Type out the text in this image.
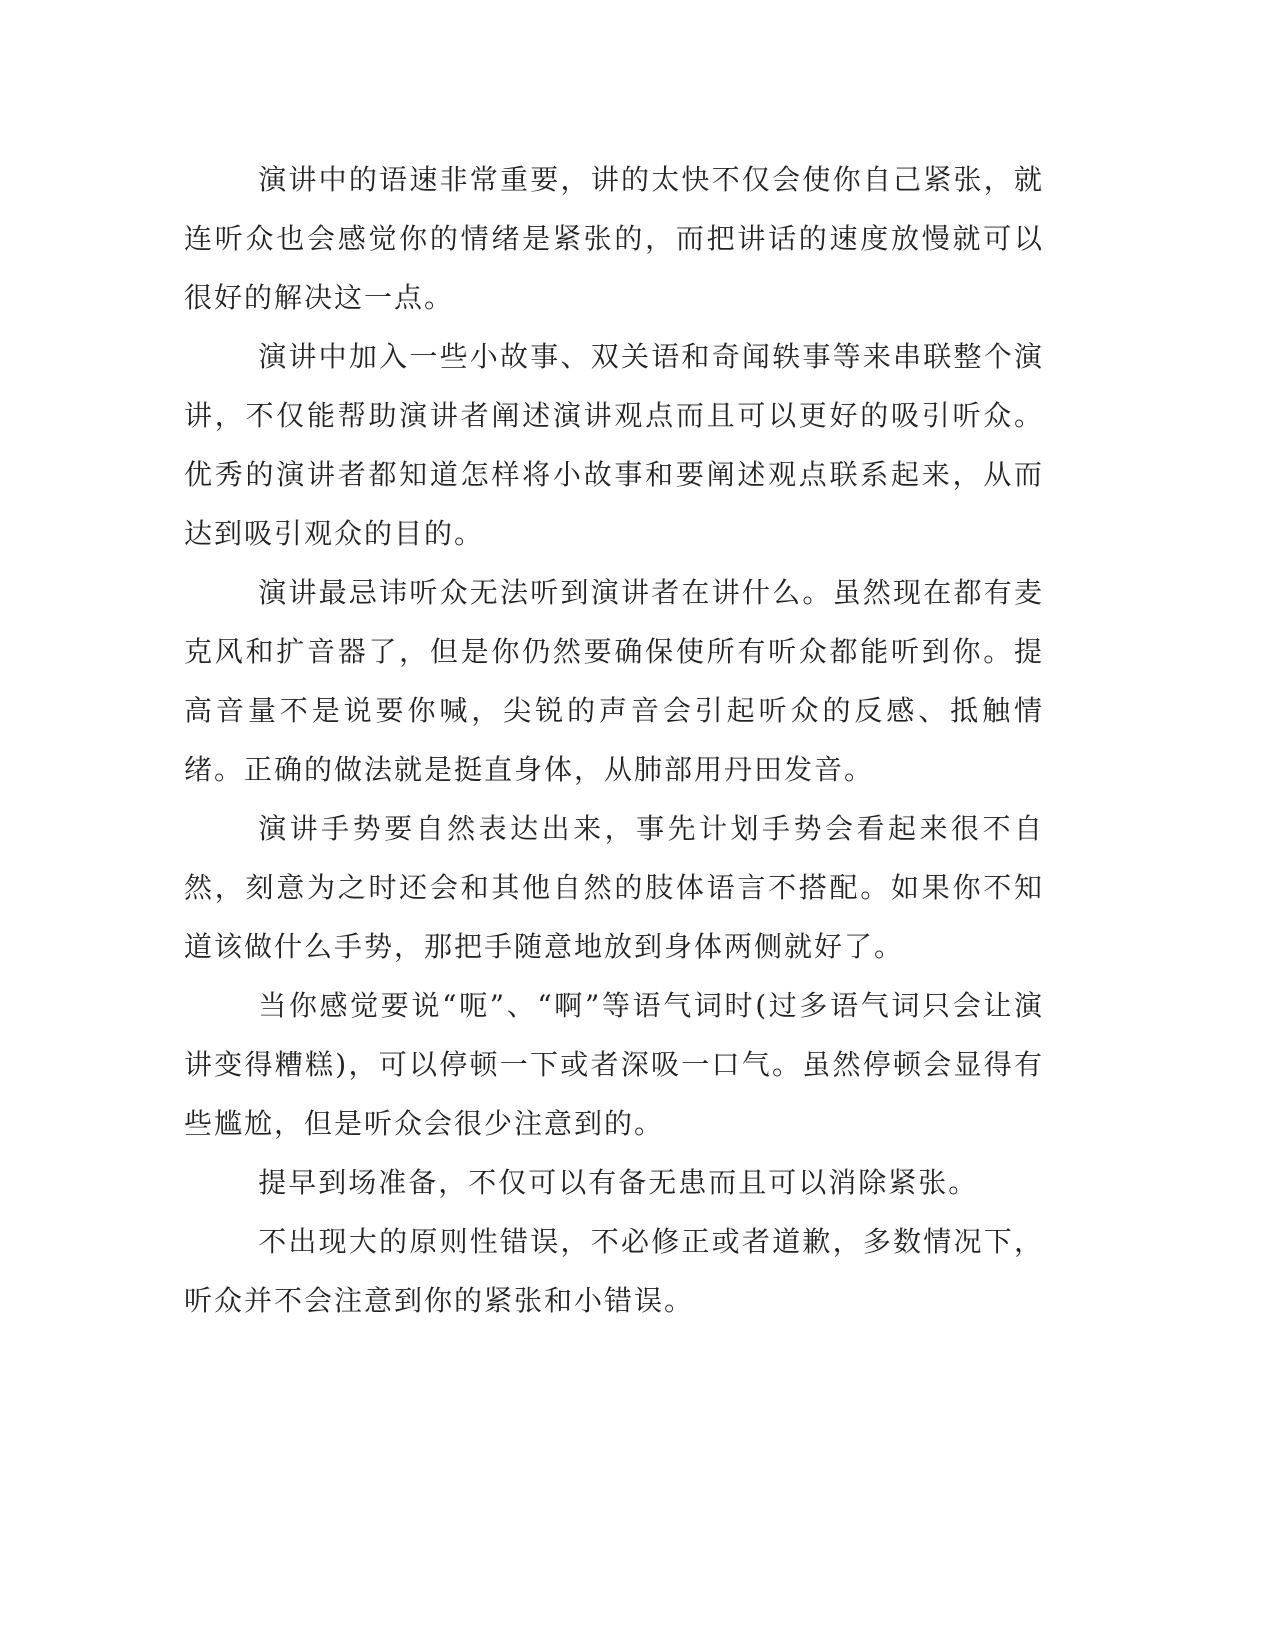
演讲中的语速非常重要，讲的太快不仅会使你自己紧张，就连听众也会感觉你的情绪是紧张的，而把讲话的速度放慢就可以很好的解决这一点。

演讲中加入一些小故事、双关语和奇闻轶事等来串联整个演讲，不仅能帮助演讲者阐述演讲观点而且可以更好的吸引听众。优秀的演讲者都知道怎样将小故事和要阐述观点联系起来，从而达到吸引观众的目的。

演讲最忌讳听众无法听到演讲者在讲什么。虽然现在都有麦克风和扩音器了，但是你仍然要确保使所有听众都能听到你。提高音量不是说要你喊，尖锐的声音会引起听众的反感、抵触情绪。正确的做法就是挺直身体，从肺部用丹田发音。

演讲手势要自然表达出来，事先计划手势会看起来很不自然，刻意为之时还会和其他自然的肢体语言不搭配。如果你不知道该做什么手势，那把手随意地放到身体两侧就好了。

当你感觉要说“呃”、“啊”等语气词时(过多语气词只会让演讲变得糟糕)，可以停顿一下或者深吸一口气。虽然停顿会显得有些尴尬，但是听众会很少注意到的。

提早到场准备，不仅可以有备无患而且可以消除紧张。

不出现大的原则性错误，不必修正或者道歉，多数情况下，听众并不会注意到你的紧张和小错误。
